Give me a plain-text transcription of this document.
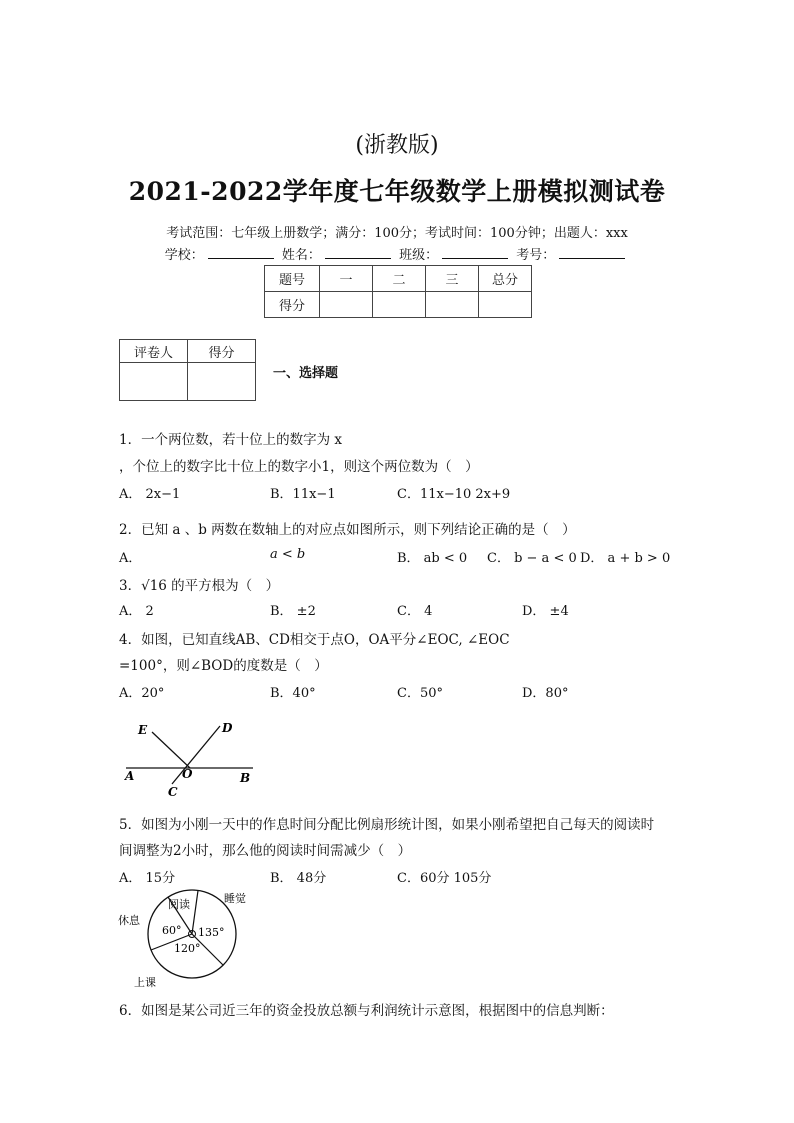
(浙教版)
2021-2022学年度七年级数学上册模拟测试卷
考试范围：七年级上册数学；满分：100分；考试时间：100分钟；出题人：xxx
学校：	姓名：	班级：	考号：
题号	一	二	三	总分
得分				
评卷人	得分

一、选择题
1．一个两位数，若十位上的数字为 x
，个位上的数字比十位上的数字小1，则这个两位数为（　）
A． 2x−1	B．11x−1	C．11x−10 2x+9
2．已知 a 、b 两数在数轴上的对应点如图所示，则下列结论正确的是（　）
A．	a < b	B． ab < 0 C． b − a < 0 D． a + b > 0
3．√16 的平方根为（　）
A． 2	B． ±2	C． 4	D． ±4
4．如图，已知直线AB、CD相交于点O，OA平分∠EOC, ∠EOC
=100°，则∠BOD的度数是（　）
A．20°	B．40°	C．50°	D．80°
E	D
A	O	B
C
5．如图为小刚一天中的作息时间分配比例扇形统计图，如果小刚希望把自己每天的阅读时
间调整为2小时，那么他的阅读时间需减少（　）
A． 15分	B． 48分	C．60分 105分
阅读	睡觉
休息
60° 135°
120°
上课
6．如图是某公司近三年的资金投放总额与利润统计示意图，根据图中的信息判断：
